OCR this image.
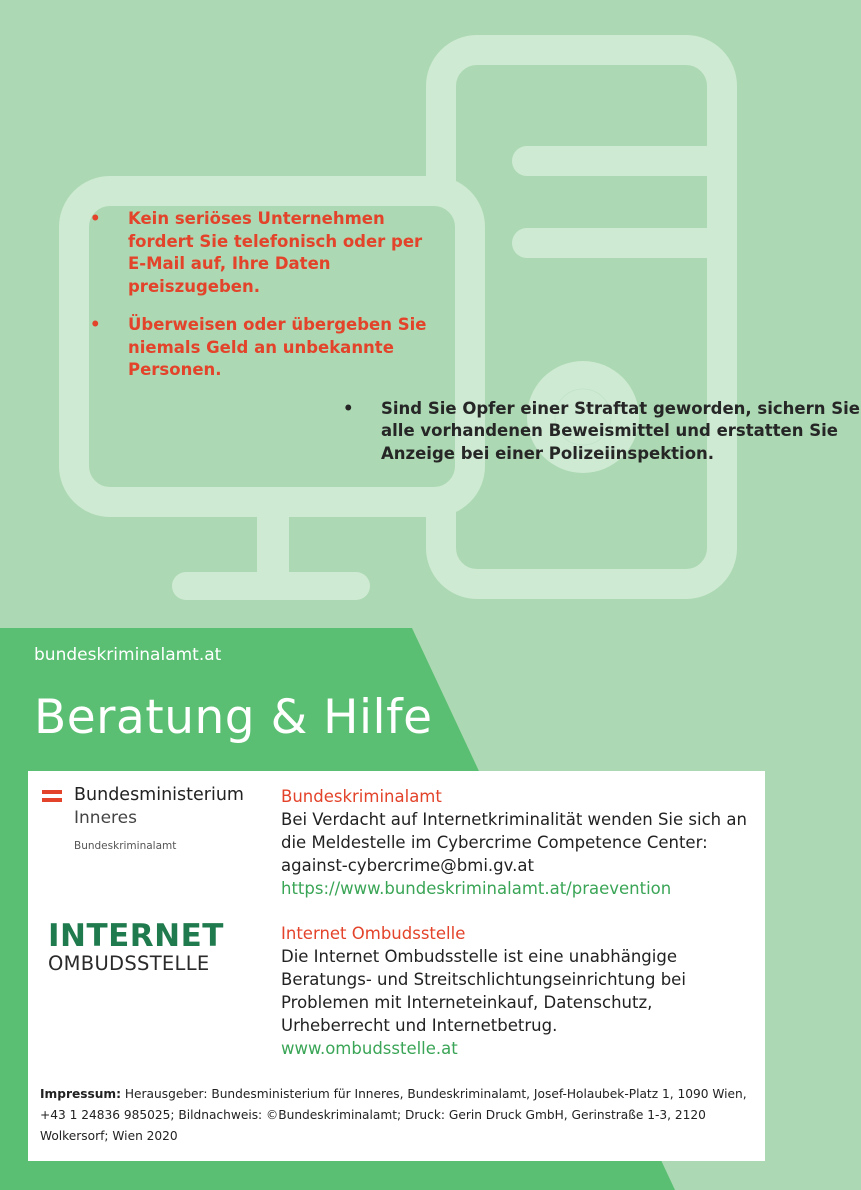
• Kein seriöses Unternehmen fordert Sie telefonisch oder per E-Mail auf, Ihre Daten preiszugeben.
• Überweisen oder übergeben Sie niemals Geld an unbekannte Personen.
• Sind Sie Opfer einer Straftat geworden, sichern Sie alle vorhandenen Beweismittel und erstatten Sie Anzeige bei einer Polizeiinspektion.
bundeskriminalamt.at
Beratung & Hilfe
Bundesministerium
Inneres
Bundeskriminalamt
INTERNET
OMBUDSSTELLE
Bundeskriminalamt
Bei Verdacht auf Internetkriminalität wenden Sie sich an die Meldestelle im Cybercrime Competence Center: against-cybercrime@bmi.gv.at
https://www.bundeskriminalamt.at/praevention
Internet Ombudsstelle
Die Internet Ombudsstelle ist eine unabhängige Beratungs- und Streitschlichtungseinrichtung bei Problemen mit Interneteinkauf, Datenschutz, Urheberrecht und Internetbetrug.
www.ombudsstelle.at
Impressum: Herausgeber: Bundesministerium für Inneres, Bundeskriminalamt, Josef-Holaubek-Platz 1, 1090 Wien, +43 1 24836 985025; Bildnachweis: ©Bundeskriminalamt; Druck: Gerin Druck GmbH, Gerinstraße 1-3, 2120 Wolkersorf; Wien 2020
